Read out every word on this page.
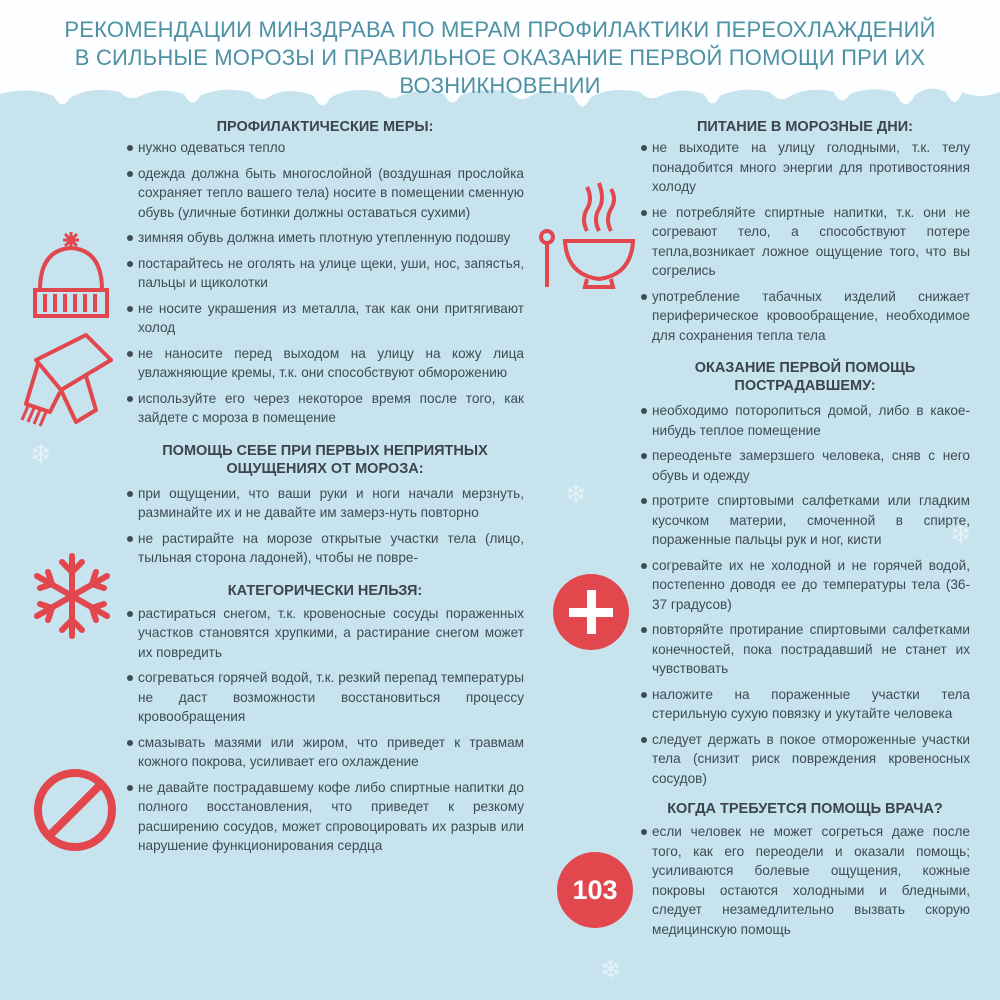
РЕКОМЕНДАЦИИ МИНЗДРАВА ПО МЕРАМ ПРОФИЛАКТИКИ ПЕРЕОХЛАЖДЕНИЙ
В СИЛЬНЫЕ МОРОЗЫ И ПРАВИЛЬНОЕ ОКАЗАНИЕ ПЕРВОЙ ПОМОЩИ ПРИ ИХ ВОЗНИКНОВЕНИИ
❄
❄
❄
❄
103
ПРОФИЛАКТИЧЕСКИЕ МЕРЫ:
нужно одеваться тепло
одежда должна быть многослойной (воздушная прослойка сохраняет тепло вашего тела) носите в помещении сменную обувь (уличные ботинки должны оставаться сухими)
зимняя обувь должна иметь плотную утепленную подошву
постарайтесь не оголять на улице щеки, уши, нос, запястья, пальцы и щиколотки
не носите украшения из металла, так как они притягивают холод
не наносите перед выходом на улицу на кожу лица увлажняющие кремы, т.к. они способствуют обморожению
используйте его через некоторое время после того, как зайдете с мороза в помещение
ПОМОЩЬ СЕБЕ ПРИ ПЕРВЫХ НЕПРИЯТНЫХ
ОЩУЩЕНИЯХ ОТ МОРОЗА:
при ощущении, что ваши руки и ноги начали мерзнуть, разминайте их и не давайте им замерз-нуть повторно
не растирайте на морозе открытые участки тела (лицо, тыльная сторона ладоней), чтобы не повре-
КАТЕГОРИЧЕСКИ НЕЛЬЗЯ:
растираться снегом, т.к. кровеносные сосуды пораженных участков становятся хрупкими, а растирание снегом может их повредить
согреваться горячей водой, т.к. резкий перепад температуры не даст возможности восстановиться процессу кровообращения
смазывать мазями или жиром, что приведет к травмам кожного покрова, усиливает его охлаждение
не давайте пострадавшему кофе либо спиртные напитки до полного восстановления, что приведет к резкому расширению сосудов, может спровоцировать их разрыв или нарушение функционирования сердца
ПИТАНИЕ В МОРОЗНЫЕ ДНИ:
не выходите на улицу голодными, т.к. телу понадобится много энергии для противостояния холоду
не потребляйте спиртные напитки, т.к. они не согревают тело, а способствуют потере тепла,возникает ложное ощущение того, что вы согрелись
употребление табачных изделий снижает периферическое кровообращение, необходимое для сохранения тепла тела
ОКАЗАНИЕ ПЕРВОЙ ПОМОЩЬ
ПОСТРАДАВШЕМУ:
необходимо поторопиться домой, либо в какое-нибудь теплое помещение
переоденьте замерзшего человека, сняв с него обувь и одежду
протрите спиртовыми салфетками или гладким кусочком материи, смоченной в спирте, пораженные пальцы рук и ног, кисти
согревайте их не холодной и не горячей водой, постепенно доводя ее до температуры тела (36-37 градусов)
повторяйте протирание спиртовыми салфетками конечностей, пока пострадавший не станет их чувствовать
наложите на пораженные участки тела стерильную сухую повязку и укутайте человека
следует держать в покое отмороженные участки тела (снизит риск повреждения кровеносных сосудов)
КОГДА ТРЕБУЕТСЯ ПОМОЩЬ ВРАЧА?
если человек не может согреться даже после того, как его переодели и оказали помощь; усиливаются болевые ощущения, кожные покровы остаются холодными и бледными, следует незамедлительно вызвать скорую медицинскую помощь
